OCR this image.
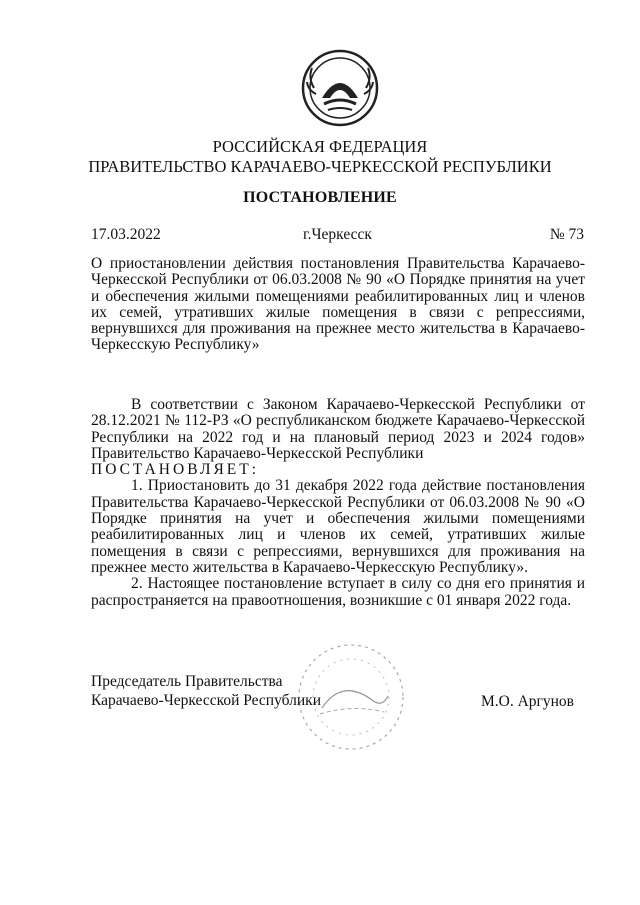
РОССИЙСКАЯ ФЕДЕРАЦИЯ
ПРАВИТЕЛЬСТВО КАРАЧАЕВО-ЧЕРКЕССКОЙ РЕСПУБЛИКИ
ПОСТАНОВЛЕНИЕ
17.03.2022	г.Черкесск	№ 73
О приостановлении действия постановления Правительства Карачаево-Черкесской Республики от 06.03.2008 № 90 «О Порядке принятия на учет и обеспечения жилыми помещениями реабилитированных лиц и членов их семей, утративших жилые помещения в связи с репрессиями, вернувшихся для проживания на прежнее место жительства в Карачаево-Черкесскую Республику»

В соответствии с Законом Карачаево-Черкесской Республики от 28.12.2021 № 112-РЗ «О республиканском бюджете Карачаево-Черкесской Республики на 2022 год и на плановый период 2023 и 2024 годов» Правительство Карачаево-Черкесской Республики

ПОСТАНОВЛЯЕТ:

1. Приостановить до 31 декабря 2022 года действие постановления Правительства Карачаево-Черкесской Республики от 06.03.2008 № 90 «О Порядке принятия на учет и обеспечения жилыми помещениями реабилитированных лиц и членов их семей, утративших жилые помещения в связи с репрессиями, вернувшихся для проживания на прежнее место жительства в Карачаево-Черкесскую Республику».

2. Настоящее постановление вступает в силу со дня его принятия и распространяется на правоотношения, возникшие с 01 января 2022 года.

Председатель Правительства
Карачаево-Черкесской Республики	М.О. Аргунов
